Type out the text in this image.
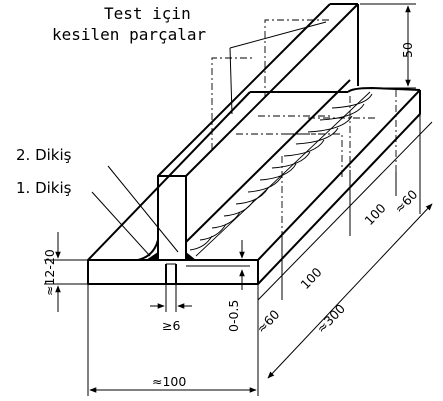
Test için
kesilen parçalar
2. Dikiş
1. Dikiş
50
≈12-20
≥6	0-0.5
≈100
≈300
≈60
100
100 ≈60
